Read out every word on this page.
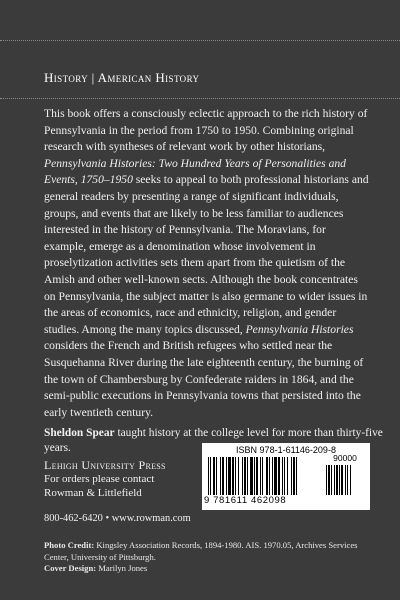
History | American History

This book offers a consciously eclectic approach to the rich history of Pennsylvania in the period from 1750 to 1950. Combining original research with syntheses of relevant work by other historians, Pennsylvania Histories: Two Hundred Years of Personalities and Events, 1750–1950 seeks to appeal to both professional historians and general readers by presenting a range of significant individuals, groups, and events that are likely to be less familiar to audiences interested in the history of Pennsylvania. The Moravians, for example, emerge as a denomination whose involvement in proselytization activities sets them apart from the quietism of the Amish and other well-known sects. Although the book concentrates on Pennsylvania, the subject matter is also germane to wider issues in the areas of economics, race and ethnicity, religion, and gender studies. Among the many topics discussed, Pennsylvania Histories considers the French and British refugees who settled near the Susquehanna River during the late eighteenth century, the burning of the town of Chambersburg by Confederate raiders in 1864, and the semi-public executions in Pennsylvania towns that persisted into the early twentieth century.

Sheldon Spear taught history at the college level for more than thirty-five years.
Lehigh University Press
For orders please contact
Rowman & Littlefield
800-462-6420 • www.rowman.com
ISBN 978-1-61146-209-8
90000
9 781611 462098
Photo Credit: Kingsley Association Records, 1894-1980. AIS. 1970.05, Archives Services Center, University of Pittsburgh.
Cover Design: Marilyn Jones
